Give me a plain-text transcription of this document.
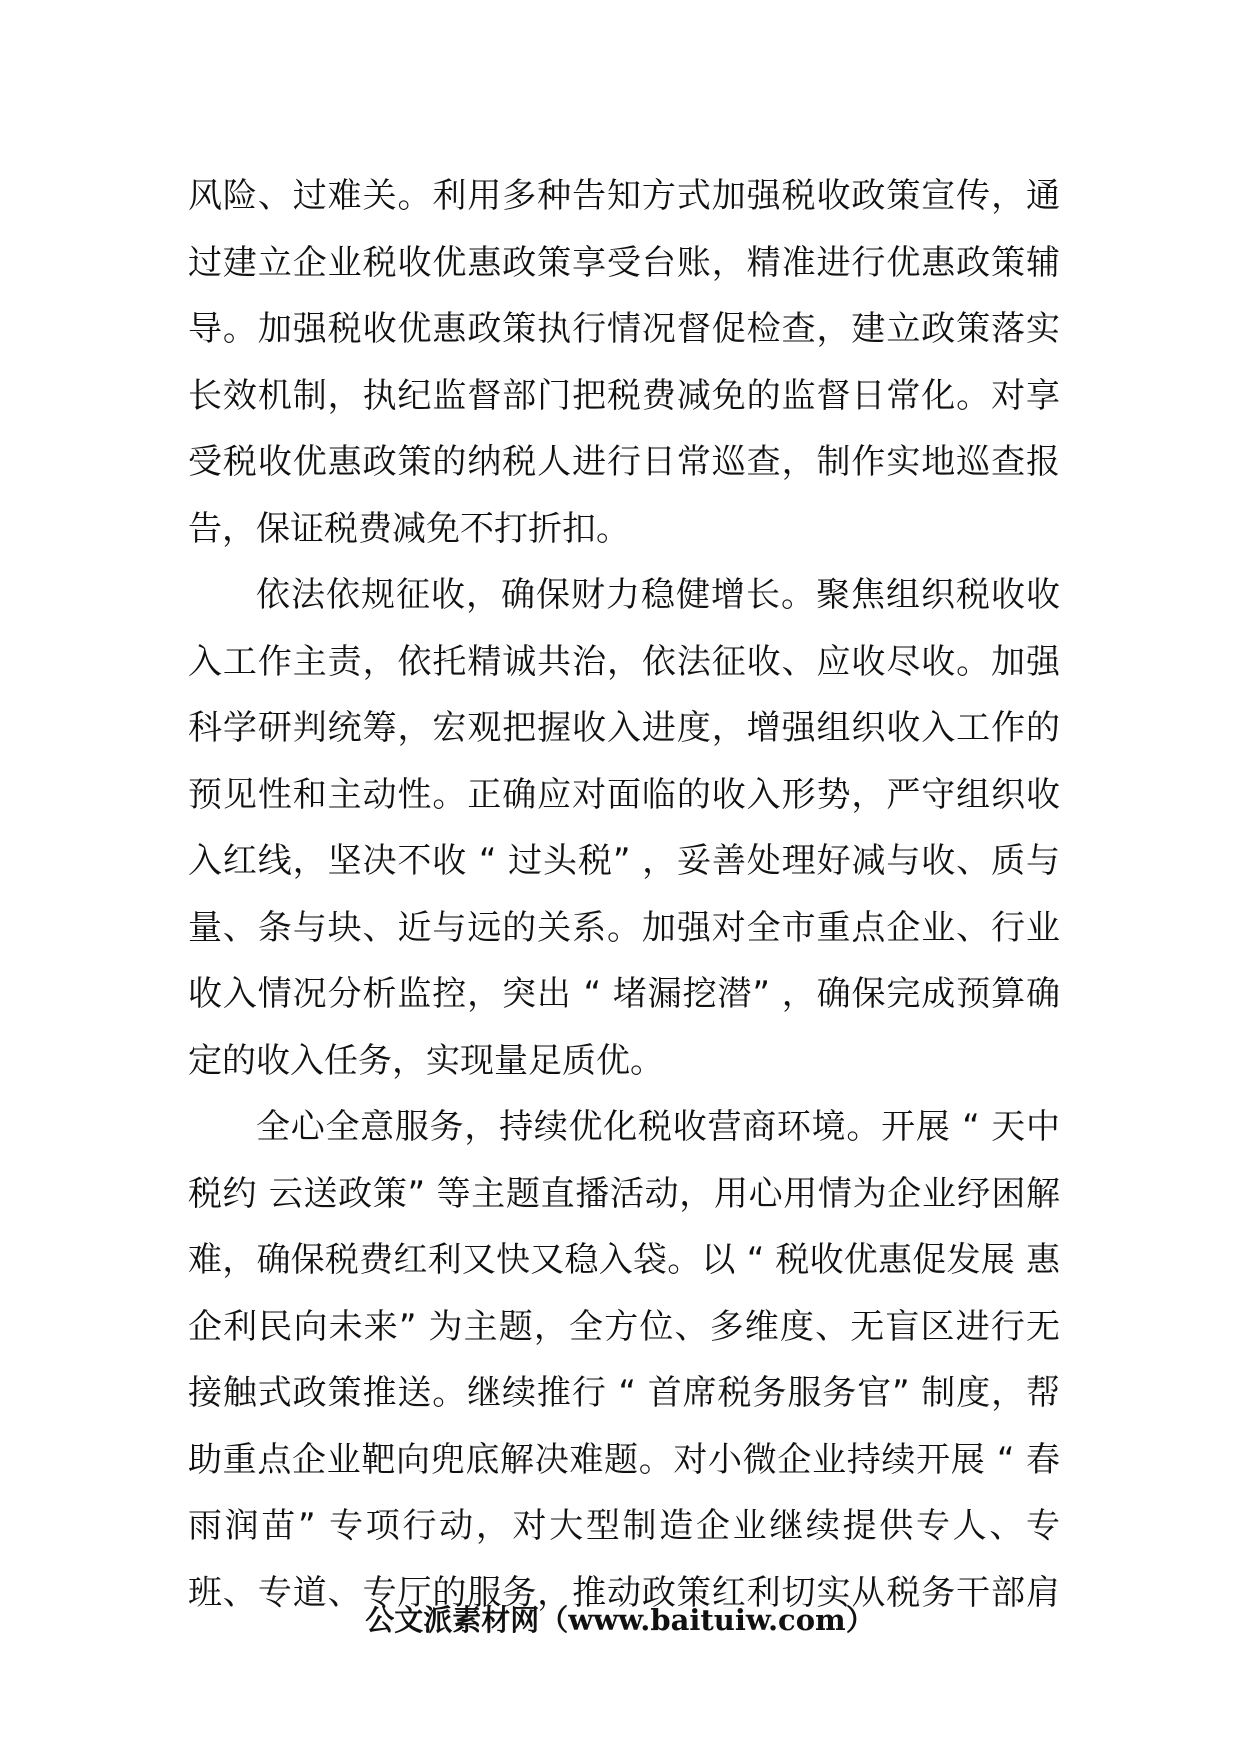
风险、过难关。利用多种告知方式加强税收政策宣传，通
过建立企业税收优惠政策享受台账，精准进行优惠政策辅
导。加强税收优惠政策执行情况督促检查，建立政策落实
长效机制，执纪监督部门把税费减免的监督日常化。对享
受税收优惠政策的纳税人进行日常巡查，制作实地巡查报
告，保证税费减免不打折扣。
依法依规征收，确保财力稳健增长。聚焦组织税收收
入工作主责，依托精诚共治，依法征收、应收尽收。加强
科学研判统筹，宏观把握收入进度，增强组织收入工作的
预见性和主动性。正确应对面临的收入形势，严守组织收
入红线，坚决不收 “ 过头税” ，妥善处理好减与收、质与
量、条与块、近与远的关系。加强对全市重点企业、行业
收入情况分析监控，突出 “ 堵漏挖潜” ，确保完成预算确
定的收入任务，实现量足质优。
全心全意服务，持续优化税收营商环境。开展 “ 天中
税约 云送政策” 等主题直播活动，用心用情为企业纾困解
难，确保税费红利又快又稳入袋。以 “ 税收优惠促发展 惠
企利民向未来” 为主题，全方位、多维度、无盲区进行无
接触式政策推送。继续推行 “ 首席税务服务官” 制度，帮
助重点企业靶向兜底解决难题。对小微企业持续开展 “ 春
雨润苗” 专项行动，对大型制造企业继续提供专人、专
班、专道、专厅的服务，推动政策红利切实从税务干部肩
公文派素材网（www.baituiw.com）
